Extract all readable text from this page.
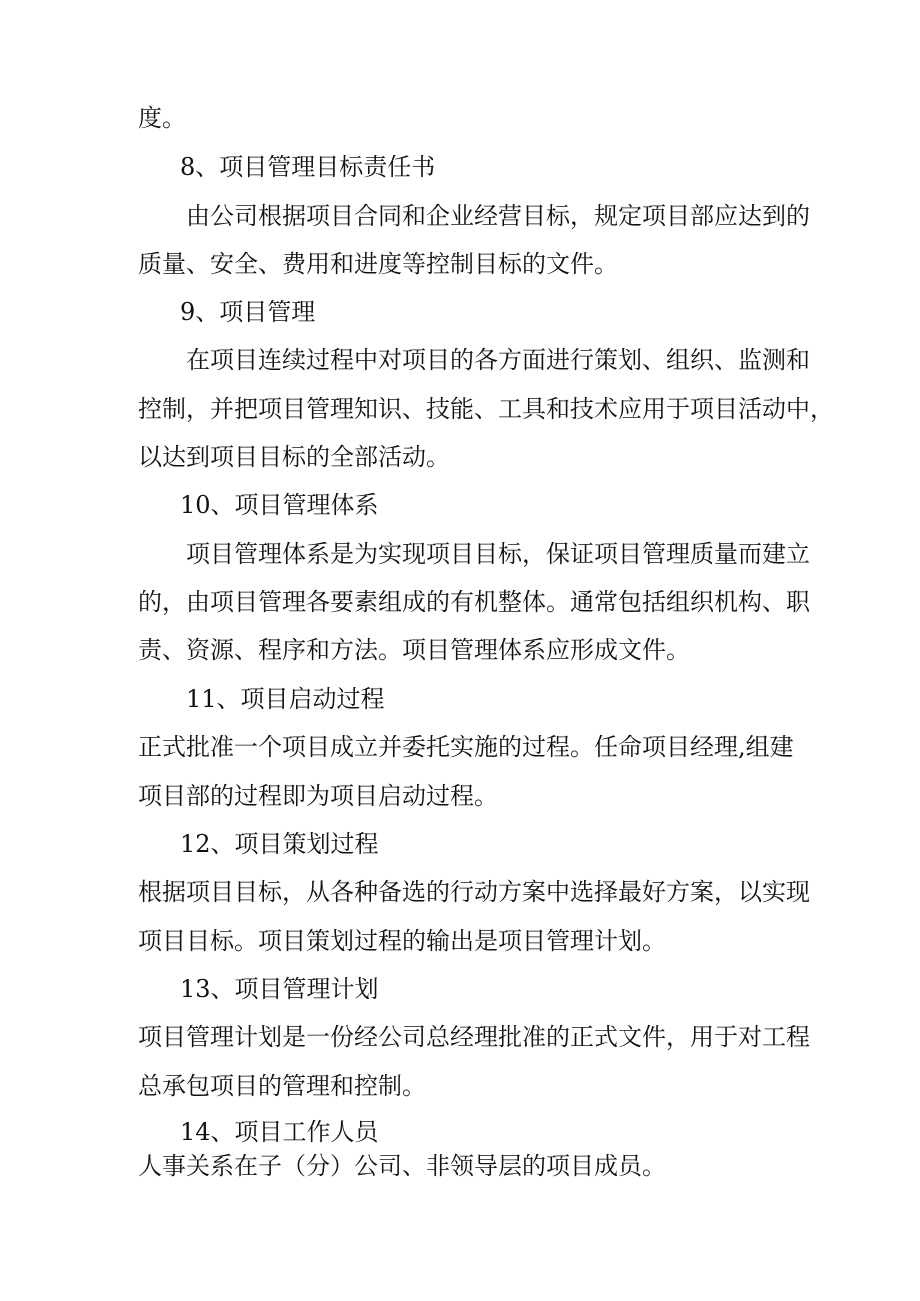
度。

8、项目管理目标责任书

由公司根据项目合同和企业经营目标，规定项目部应达到的

质量、安全、费用和进度等控制目标的文件。

9、项目管理

在项目连续过程中对项目的各方面进行策划、组织、监测和

控制，并把项目管理知识、技能、工具和技术应用于项目活动中，

以达到项目目标的全部活动。

10、项目管理体系

项目管理体系是为实现项目目标，保证项目管理质量而建立

的，由项目管理各要素组成的有机整体。通常包括组织机构、职

责、资源、程序和方法。项目管理体系应形成文件。

11、项目启动过程

正式批准一个项目成立并委托实施的过程。任命项目经理,组建

项目部的过程即为项目启动过程。

12、项目策划过程

根据项目目标，从各种备选的行动方案中选择最好方案，以实现

项目目标。项目策划过程的输出是项目管理计划。

13、项目管理计划

项目管理计划是一份经公司总经理批准的正式文件，用于对工程

总承包项目的管理和控制。

14、项目工作人员

人事关系在子（分）公司、非领导层的项目成员。
